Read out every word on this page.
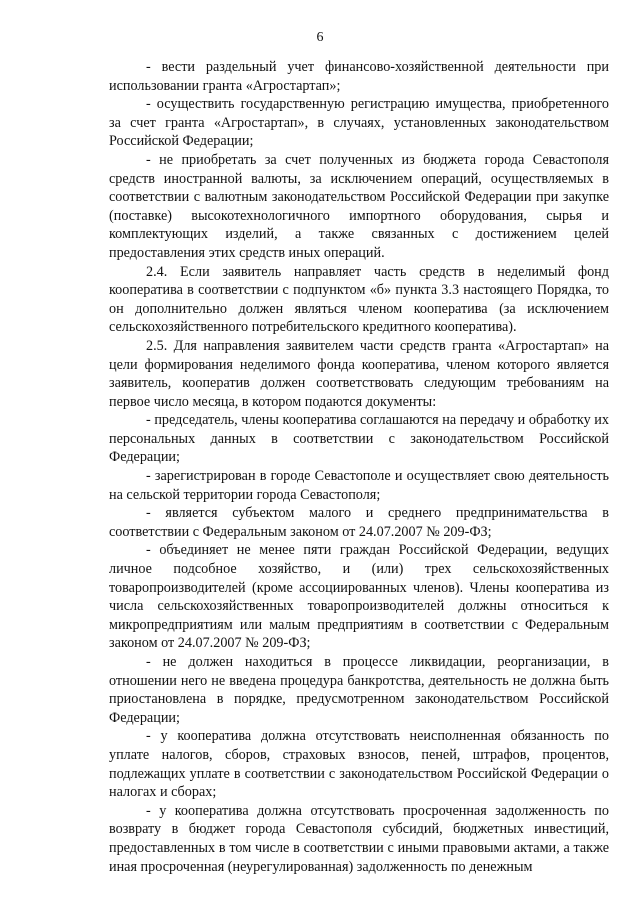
6

- вести раздельный учет финансово-хозяйственной деятельности при использовании гранта «Агростартап»;

- осуществить государственную регистрацию имущества, приобретенного за счет гранта «Агростартап», в случаях, установленных законодательством Российской Федерации;

- не приобретать за счет полученных из бюджета города Севастополя средств иностранной валюты, за исключением операций, осуществляемых в соответствии с валютным законодательством Российской Федерации при закупке (поставке) высокотехнологичного импортного оборудования, сырья и комплектующих изделий, а также связанных с достижением целей предоставления этих средств иных операций.

2.4. Если заявитель направляет часть средств в неделимый фонд кооператива в соответствии с подпунктом «б» пункта 3.3 настоящего Порядка, то он дополнительно должен являться членом кооператива (за исключением сельскохозяйственного потребительского кредитного кооператива).

2.5. Для направления заявителем части средств гранта «Агростартап» на цели формирования неделимого фонда кооператива, членом которого является заявитель, кооператив должен соответствовать следующим требованиям на первое число месяца, в котором подаются документы:

- председатель, члены кооператива соглашаются на передачу и обработку их персональных данных в соответствии с законодательством Российской Федерации;

- зарегистрирован в городе Севастополе и осуществляет свою деятельность на сельской территории города Севастополя;

- является субъектом малого и среднего предпринимательства в соответствии с Федеральным законом от 24.07.2007 № 209-ФЗ;

- объединяет не менее пяти граждан Российской Федерации, ведущих личное подсобное хозяйство, и (или) трех сельскохозяйственных товаропроизводителей (кроме ассоциированных членов). Члены кооператива из числа сельскохозяйственных товаропроизводителей должны относиться к микропредприятиям или малым предприятиям в соответствии с Федеральным законом от 24.07.2007 № 209-ФЗ;

- не должен находиться в процессе ликвидации, реорганизации, в отношении него не введена процедура банкротства, деятельность не должна быть приостановлена в порядке, предусмотренном законодательством Российской Федерации;

- у кооператива должна отсутствовать неисполненная обязанность по уплате налогов, сборов, страховых взносов, пеней, штрафов, процентов, подлежащих уплате в соответствии с законодательством Российской Федерации о налогах и сборах;

- у кооператива должна отсутствовать просроченная задолженность по возврату в бюджет города Севастополя субсидий, бюджетных инвестиций, предоставленных в том числе в соответствии с иными правовыми актами, а также иная просроченная (неурегулированная) задолженность по денежным
